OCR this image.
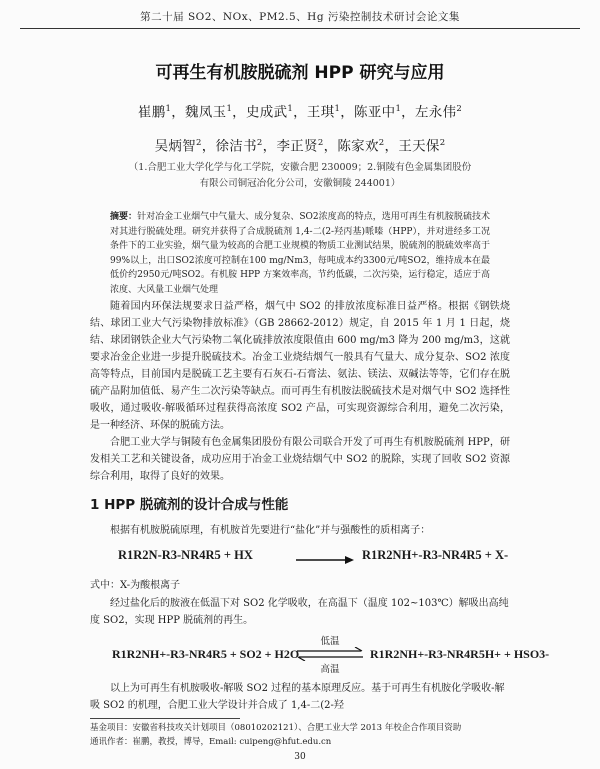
第二十届 SO2、NOx、PM2.5、Hg 污染控制技术研讨会论文集
可再生有机胺脱硫剂 HPP 研究与应用
崔鹏$^1$，魏凤玉$^1$，史成武$^1$，王琪$^1$，陈亚中$^1$，左永伟$^2$
吴炳智$^2$，徐洁书$^2$，李正贤$^2$，陈家欢$^2$，王天保$^2$
（1.合肥工业大学化学与化工学院，安徽合肥 230009；2.铜陵有色金属集团股份
有限公司铜冠冶化分公司，安徽铜陵 244001）
摘要：针对冶金工业烟气中气量大、成分复杂、SO2浓度高的特点，选用可再生有机胺脱硫技术对其进行脱硫处理。研究并获得了合成脱硫剂 1,4-二(2-羟丙基)哌嗪（HPP），并对进经多工况条件下的工业实验，烟气量为较高的合肥工业规模的物质工业测试结果，脱硫剂的脱硫效率高于99%以上，出口SO2浓度可控制在100 mg/Nm3，每吨成本约3300元/吨SO2，维持成本在最低价约2950元/吨SO2。有机胺 HPP 方案效率高，节约低碳，二次污染，运行稳定，适应于高浓度、大风量工业烟气处理
随着国内环保法规要求日益严格，烟气中 SO2 的排放浓度标准日益严格。根据《钢铁烧结、球团工业大气污染物排放标准》（GB 28662-2012）规定，自 2015 年 1 月 1 日起，烧结、球团钢铁企业大气污染物二氧化硫排放浓度限值由 600 mg/m3 降为 200 mg/m3，这就要求冶金企业进一步提升脱硫技术。冶金工业烧结烟气一般具有气量大、成分复杂、SO2 浓度高等特点，目前国内是脱硫工艺主要有石灰石-石膏法、氨法、镁法、双碱法等等，它们存在脱硫产品附加值低、易产生二次污染等缺点。而可再生有机胺法脱硫技术是对烟气中 SO2 选择性吸收，通过吸收-解吸循环过程获得高浓度 SO2 产品，可实现资源综合利用，避免二次污染，是一种经济、环保的脱硫方法。
合肥工业大学与铜陵有色金属集团股份有限公司联合开发了可再生有机胺脱硫剂 HPP，研发相关工艺和关键设备，成功应用于冶金工业烧结烟气中 SO2 的脱除，实现了回收 SO2 资源综合利用，取得了良好的效果。
1 HPP 脱硫剂的设计合成与性能
根据有机胺脱硫原理，有机胺首先要进行“盐化”并与强酸性的质相离子：
R1R2N-R3-NR4R5 + HX	R1R2NH+-R3-NR4R5 + X-
式中：X-为酸根离子
经过盐化后的胺液在低温下对 SO2 化学吸收，在高温下（温度 102~103℃）解吸出高纯度 SO2，实现 HPP 脱硫剂的再生。
R1R2NH+-R3-NR4R5 + SO2 + H2O
低温
高温
R1R2NH+-R3-NR4R5H+ + HSO3-
以上为可再生有机胺吸收-解吸 SO2 过程的基本原理反应。基于可再生有机胺化学吸收-解吸 SO2 的机理，合肥工业大学设计并合成了 1,4-二(2-羟
基金项目：安徽省科技攻关计划项目（08010202121）、合肥工业大学 2013 年校企合作项目资助
通讯作者：崔鹏，教授，博导，Email: cuipeng@hfut.edu.cn
30
